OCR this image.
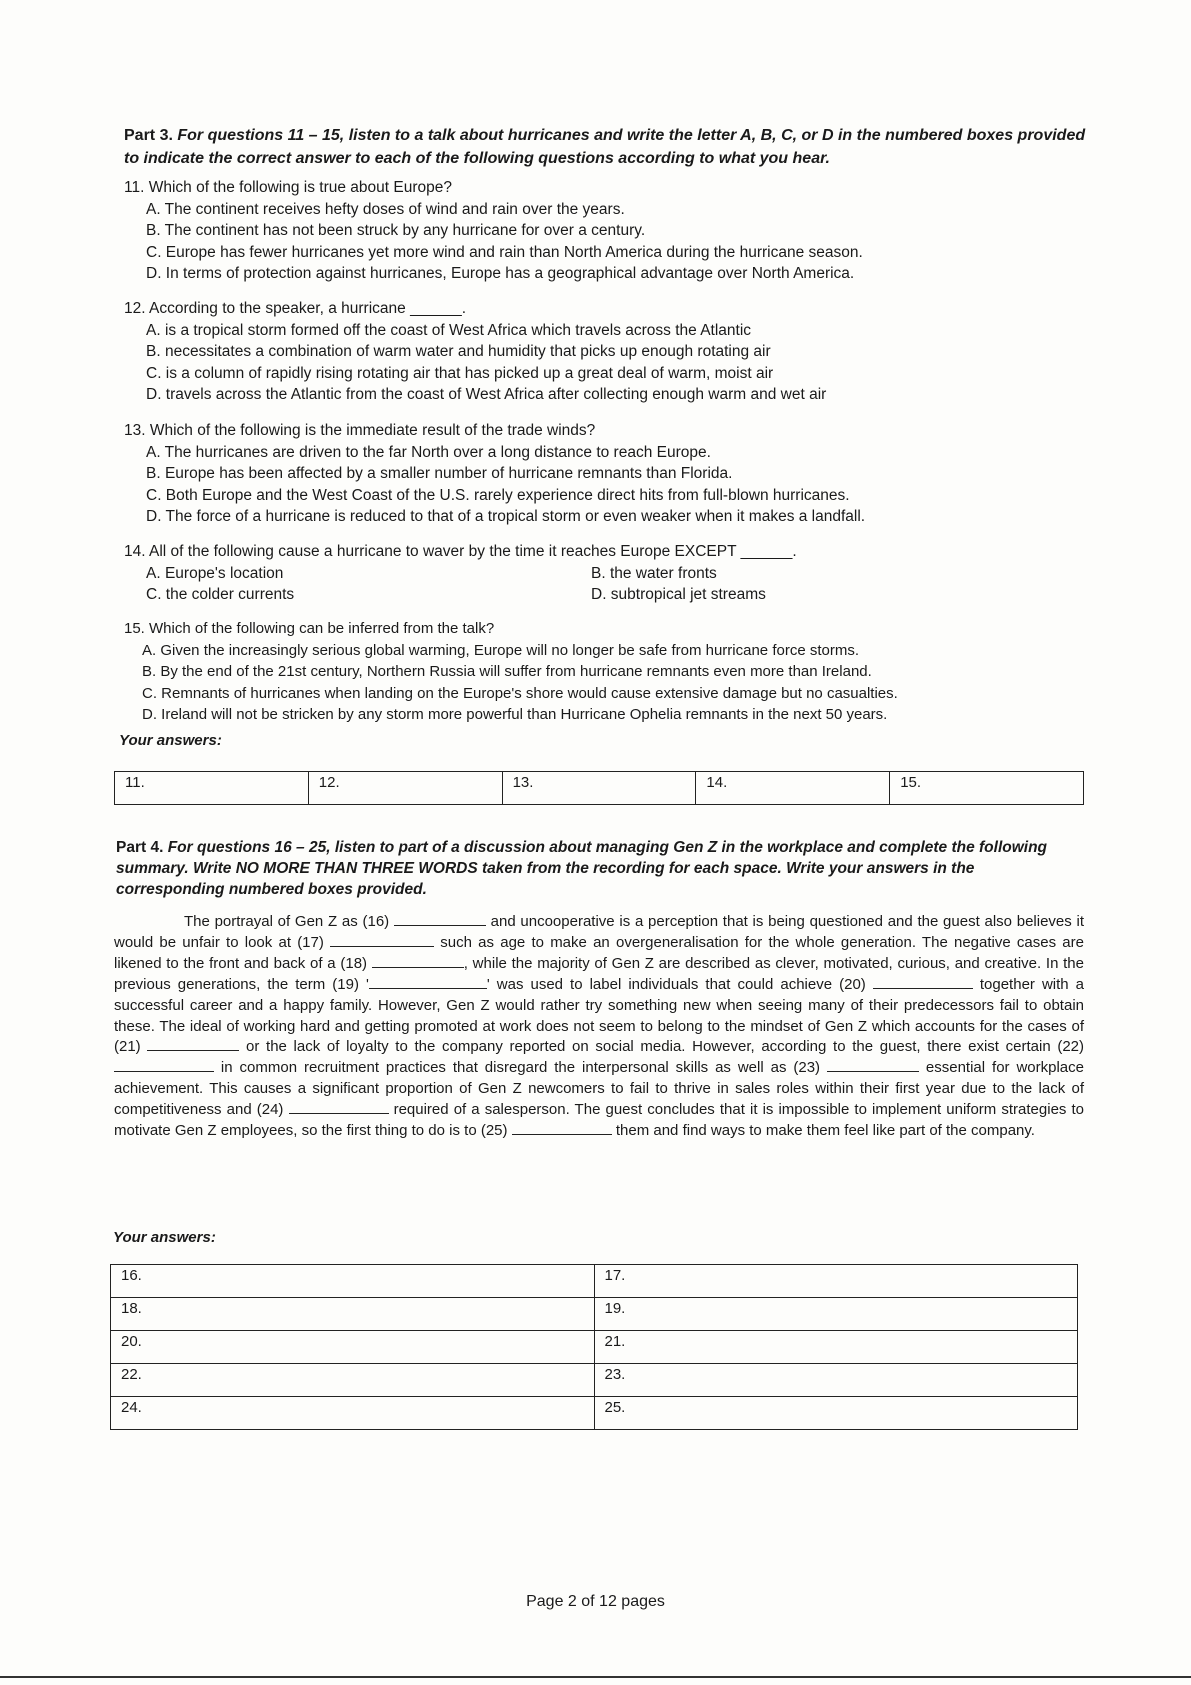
Part 3. For questions 11 – 15, listen to a talk about hurricanes and write the letter A, B, C, or D in the numbered boxes provided to indicate the correct answer to each of the following questions according to what you hear.
11. Which of the following is true about Europe?
A. The continent receives hefty doses of wind and rain over the years.
B. The continent has not been struck by any hurricane for over a century.
C. Europe has fewer hurricanes yet more wind and rain than North America during the hurricane season.
D. In terms of protection against hurricanes, Europe has a geographical advantage over North America.
12. According to the speaker, a hurricane ______.
A. is a tropical storm formed off the coast of West Africa which travels across the Atlantic
B. necessitates a combination of warm water and humidity that picks up enough rotating air
C. is a column of rapidly rising rotating air that has picked up a great deal of warm, moist air
D. travels across the Atlantic from the coast of West Africa after collecting enough warm and wet air
13. Which of the following is the immediate result of the trade winds?
A. The hurricanes are driven to the far North over a long distance to reach Europe.
B. Europe has been affected by a smaller number of hurricane remnants than Florida.
C. Both Europe and the West Coast of the U.S. rarely experience direct hits from full-blown hurricanes.
D. The force of a hurricane is reduced to that of a tropical storm or even weaker when it makes a landfall.
14. All of the following cause a hurricane to waver by the time it reaches Europe EXCEPT ______.
A. Europe's location	B. the water fronts
C. the colder currents	D. subtropical jet streams
15. Which of the following can be inferred from the talk?
A. Given the increasingly serious global warming, Europe will no longer be safe from hurricane force storms.
B. By the end of the 21st century, Northern Russia will suffer from hurricane remnants even more than Ireland.
C. Remnants of hurricanes when landing on the Europe's shore would cause extensive damage but no casualties.
D. Ireland will not be stricken by any storm more powerful than Hurricane Ophelia remnants in the next 50 years.
Your answers:
11.	12.	13.	14.	15.
Part 4. For questions 16 – 25, listen to part of a discussion about managing Gen Z in the workplace and complete the following summary. Write NO MORE THAN THREE WORDS taken from the recording for each space. Write your answers in the corresponding numbered boxes provided.

The portrayal of Gen Z as (16)	and uncooperative is a perception that is being questioned and the guest also believes it would be unfair to look at (17)	such as age to make an overgeneralisation for the whole generation. The negative cases are likened to the front and back of a (18)	, while the majority of Gen Z are described as clever, motivated, curious, and creative. In the previous generations, the term (19) '	' was used to label individuals that could achieve (20)	together with a successful career and a happy family. However, Gen Z would rather try something new when seeing many of their predecessors fail to obtain these. The ideal of working hard and getting promoted at work does not seem to belong to the mindset of Gen Z which accounts for the cases of (21)	or the lack of loyalty to the company reported on social media. However, according to the guest, there exist certain (22)  in common recruitment practices that disregard the interpersonal skills as well as (23)	essential for workplace achievement. This causes a significant proportion of Gen Z newcomers to fail to thrive in sales roles within their first year due to the lack of competitiveness and (24)	required of a salesperson. The guest concludes that it is impossible to implement uniform strategies to motivate Gen Z employees, so the first thing to do is to (25)	them and find ways to make them feel like part of the company.

Your answers:
16.	17.
18.	19.
20.	21.
22.	23.
24.	25.
Page 2 of 12 pages
